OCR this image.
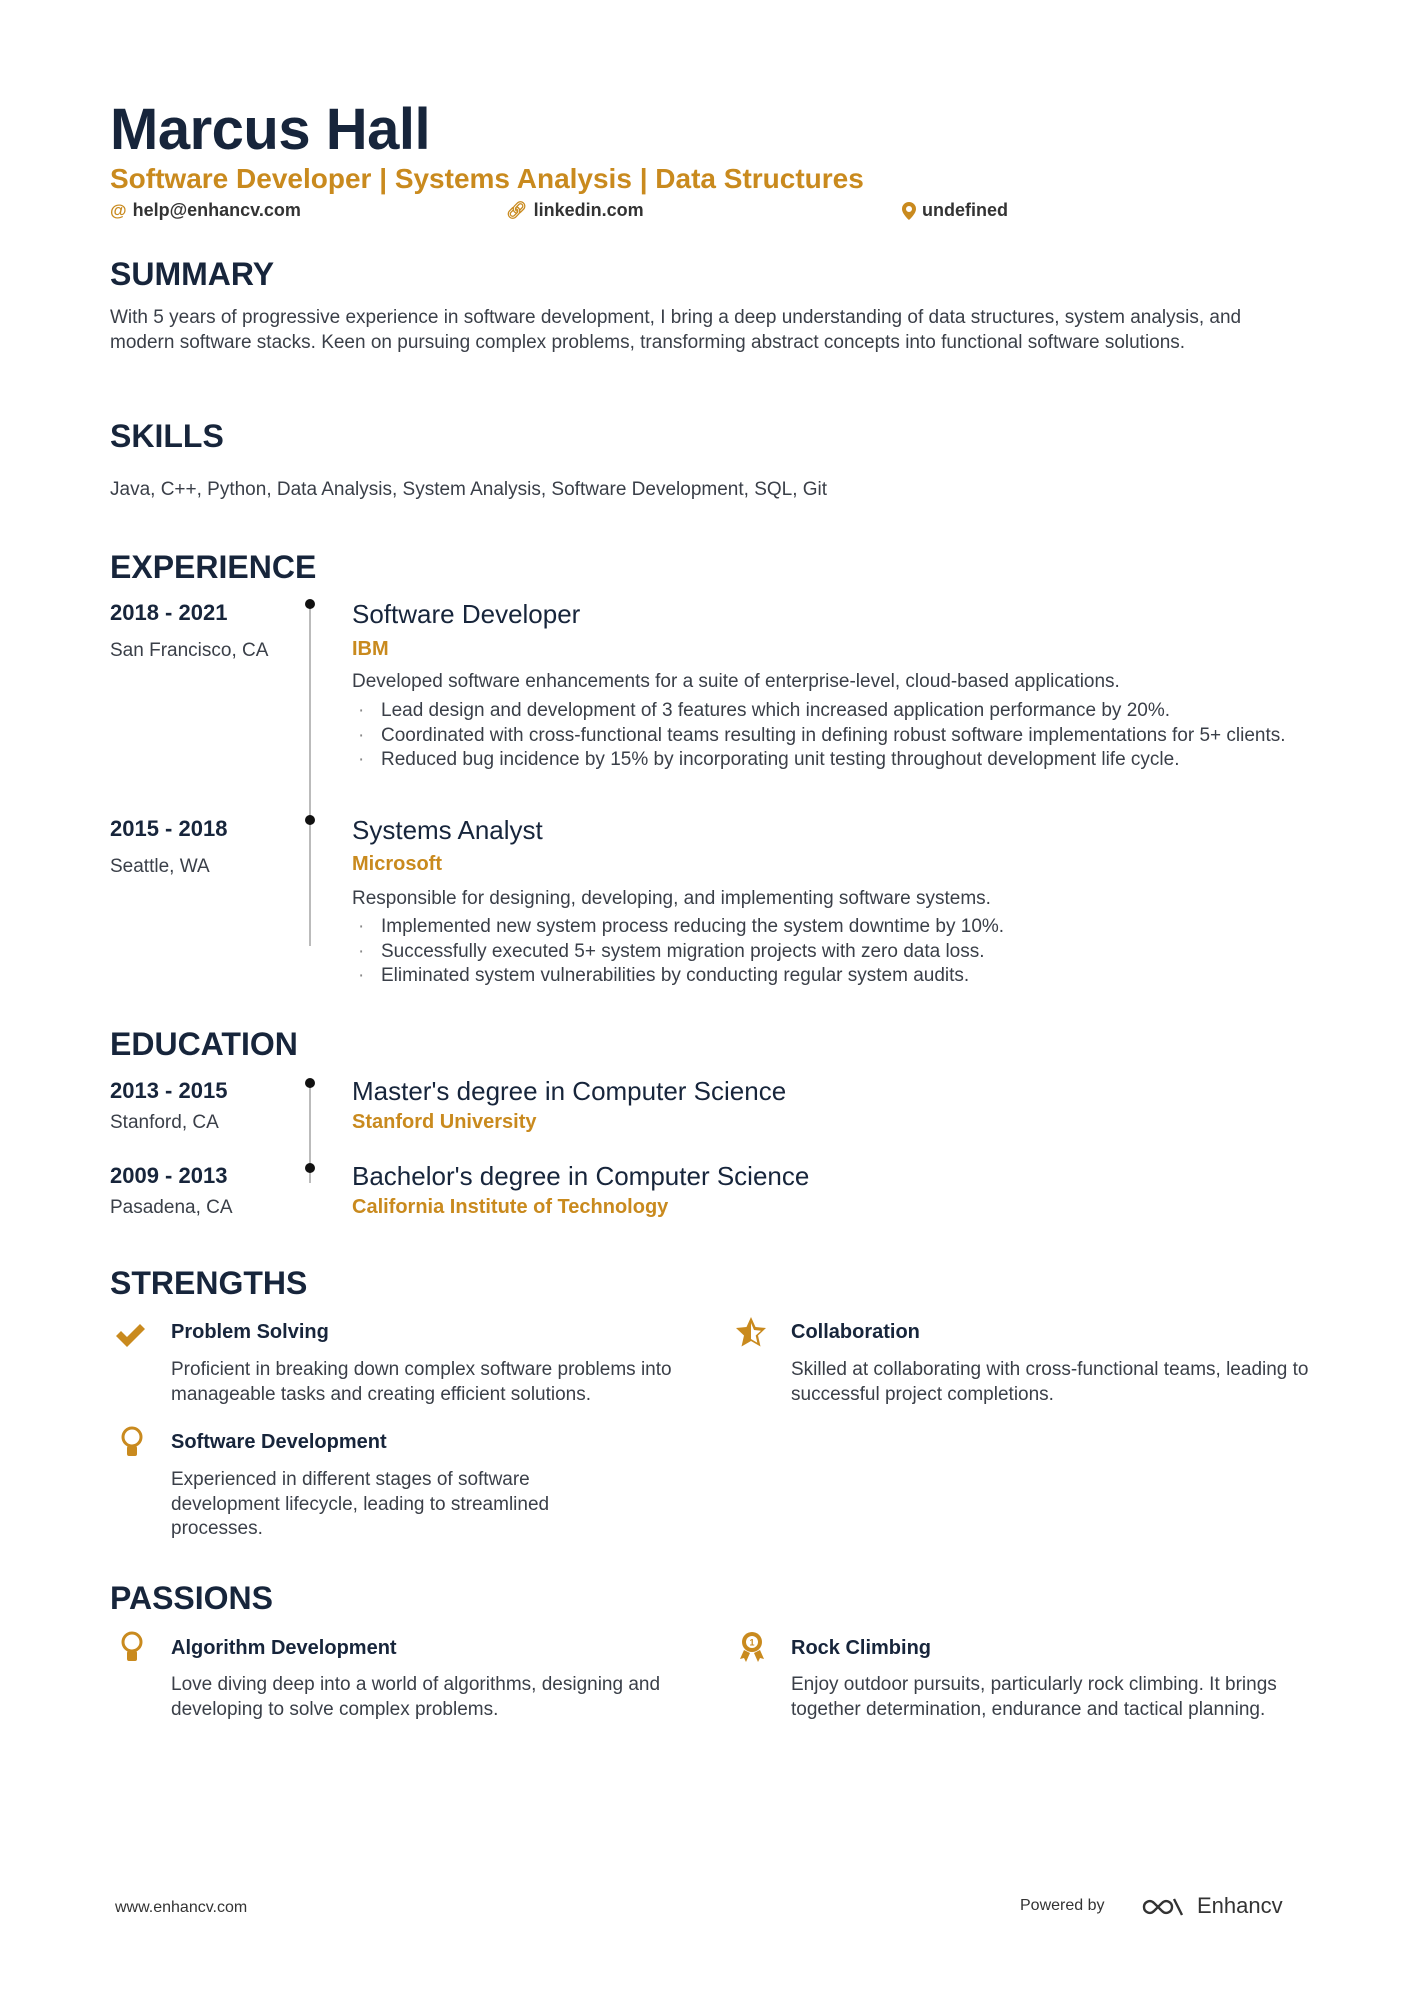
Marcus Hall
Software Developer | Systems Analysis | Data Structures
@ help@enhancv.com	🔗︎ linkedin.com	undefined
SUMMARY
With 5 years of progressive experience in software development, I bring a deep understanding of data structures, system analysis, and modern software stacks. Keen on pursuing complex problems, transforming abstract concepts into functional software solutions.
SKILLS
Java, C++, Python, Data Analysis, System Analysis, Software Development, SQL, Git
EXPERIENCE
2018 - 2021
San Francisco, CA
Software Developer
IBM
Developed software enhancements for a suite of enterprise-level, cloud-based applications.
· Lead design and development of 3 features which increased application performance by 20%.
· Coordinated with cross-functional teams resulting in defining robust software implementations for 5+ clients.
· Reduced bug incidence by 15% by incorporating unit testing throughout development life cycle.
2015 - 2018
Seattle, WA
Systems Analyst
Microsoft
Responsible for designing, developing, and implementing software systems.
· Implemented new system process reducing the system downtime by 10%.
· Successfully executed 5+ system migration projects with zero data loss.
· Eliminated system vulnerabilities by conducting regular system audits.
EDUCATION
2013 - 2015
Stanford, CA
Master's degree in Computer Science
Stanford University
2009 - 2013
Pasadena, CA
Bachelor's degree in Computer Science
California Institute of Technology
STRENGTHS
Problem Solving
Proficient in breaking down complex software problems into manageable tasks and creating efficient solutions.
Collaboration
Skilled at collaborating with cross-functional teams, leading to successful project completions.
Software Development
Experienced in different stages of software development lifecycle, leading to streamlined processes.
PASSIONS
Algorithm Development
Love diving deep into a world of algorithms, designing and developing to solve complex problems.
1 Rock Climbing
Enjoy outdoor pursuits, particularly rock climbing. It brings together determination, endurance and tactical planning.
www.enhancv.com	Powered by	Enhancv
